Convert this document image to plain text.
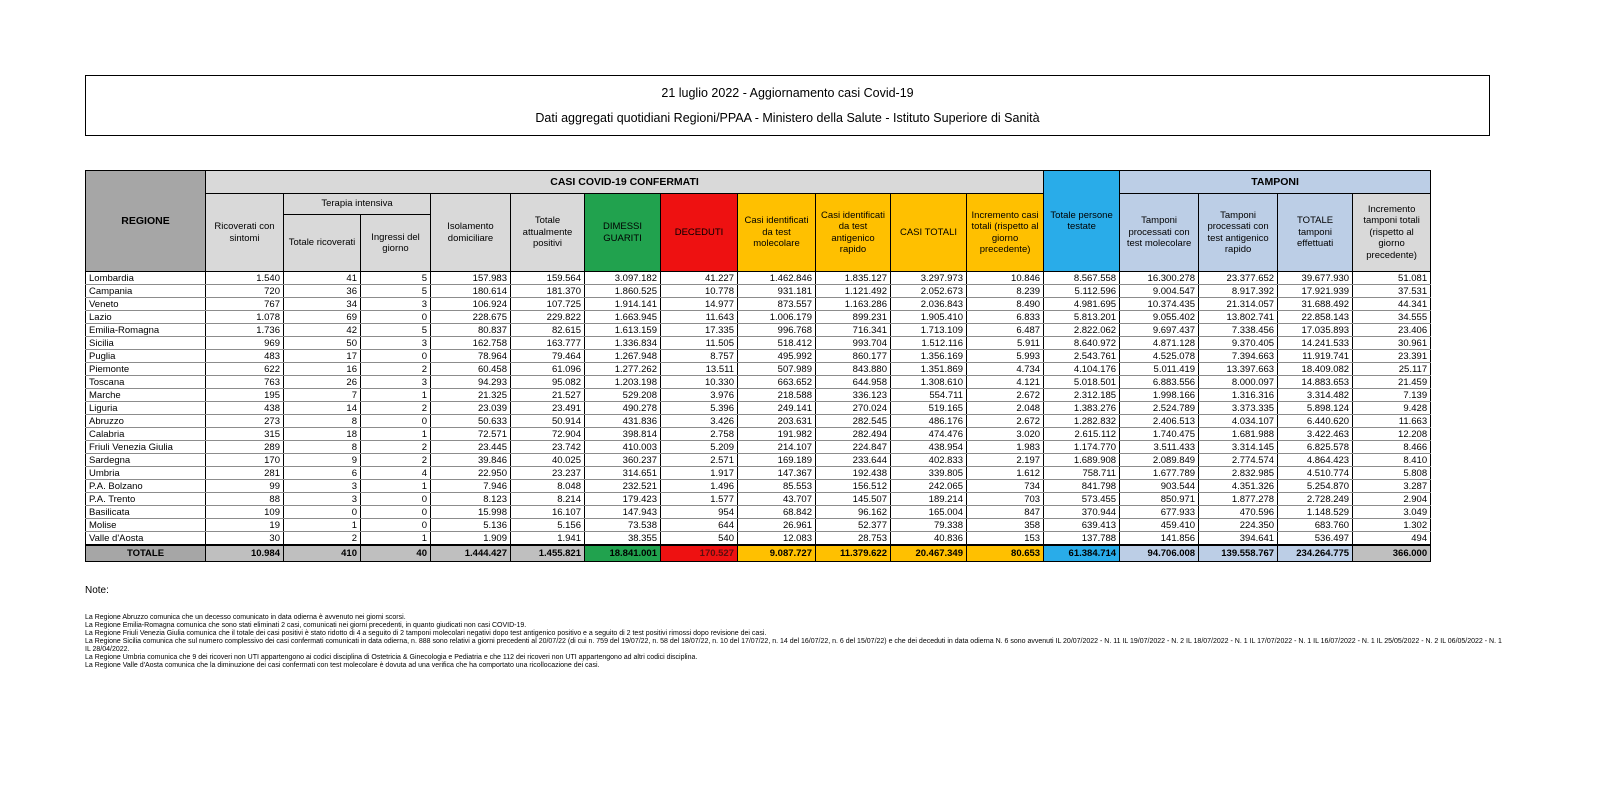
21 luglio 2022 - Aggiornamento casi Covid-19
Dati aggregati quotidiani Regioni/PPAA - Ministero della Salute - Istituto Superiore di Sanità
REGIONE	CASI COVID-19 CONFERMATI											Totale persone testate	TAMPONI			
	Ricoverati con sintomi	Terapia intensiva		Isolamento domiciliare	Totale attualmente positivi	DIMESSI GUARITI	DECEDUTI	Casi identificati da test molecolare	Casi identificati da test antigenico rapido	CASI TOTALI	Incremento casi totali (rispetto al giorno precedente)		Tamponi processati con test molecolare	Tamponi processati con test antigenico rapido	TOTALE tamponi effettuati	Incremento tamponi totali (rispetto al giorno precedente)
		Totale ricoverati	Ingressi del giorno													
Lombardia	1.540	41	5	157.983	159.564	3.097.182	41.227	1.462.846	1.835.127	3.297.973	10.846	8.567.558	16.300.278	23.377.652	39.677.930	51.081
Campania	720	36	5	180.614	181.370	1.860.525	10.778	931.181	1.121.492	2.052.673	8.239	5.112.596	9.004.547	8.917.392	17.921.939	37.531
Veneto	767	34	3	106.924	107.725	1.914.141	14.977	873.557	1.163.286	2.036.843	8.490	4.981.695	10.374.435	21.314.057	31.688.492	44.341
Lazio	1.078	69	0	228.675	229.822	1.663.945	11.643	1.006.179	899.231	1.905.410	6.833	5.813.201	9.055.402	13.802.741	22.858.143	34.555
Emilia-Romagna	1.736	42	5	80.837	82.615	1.613.159	17.335	996.768	716.341	1.713.109	6.487	2.822.062	9.697.437	7.338.456	17.035.893	23.406
Sicilia	969	50	3	162.758	163.777	1.336.834	11.505	518.412	993.704	1.512.116	5.911	8.640.972	4.871.128	9.370.405	14.241.533	30.961
Puglia	483	17	0	78.964	79.464	1.267.948	8.757	495.992	860.177	1.356.169	5.993	2.543.761	4.525.078	7.394.663	11.919.741	23.391
Piemonte	622	16	2	60.458	61.096	1.277.262	13.511	507.989	843.880	1.351.869	4.734	4.104.176	5.011.419	13.397.663	18.409.082	25.117
Toscana	763	26	3	94.293	95.082	1.203.198	10.330	663.652	644.958	1.308.610	4.121	5.018.501	6.883.556	8.000.097	14.883.653	21.459
Marche	195	7	1	21.325	21.527	529.208	3.976	218.588	336.123	554.711	2.672	2.312.185	1.998.166	1.316.316	3.314.482	7.139
Liguria	438	14	2	23.039	23.491	490.278	5.396	249.141	270.024	519.165	2.048	1.383.276	2.524.789	3.373.335	5.898.124	9.428
Abruzzo	273	8	0	50.633	50.914	431.836	3.426	203.631	282.545	486.176	2.672	1.282.832	2.406.513	4.034.107	6.440.620	11.663
Calabria	315	18	1	72.571	72.904	398.814	2.758	191.982	282.494	474.476	3.020	2.615.112	1.740.475	1.681.988	3.422.463	12.208
Friuli Venezia Giulia	289	8	2	23.445	23.742	410.003	5.209	214.107	224.847	438.954	1.983	1.174.770	3.511.433	3.314.145	6.825.578	8.466
Sardegna	170	9	2	39.846	40.025	360.237	2.571	169.189	233.644	402.833	2.197	1.689.908	2.089.849	2.774.574	4.864.423	8.410
Umbria	281	6	4	22.950	23.237	314.651	1.917	147.367	192.438	339.805	1.612	758.711	1.677.789	2.832.985	4.510.774	5.808
P.A. Bolzano	99	3	1	7.946	8.048	232.521	1.496	85.553	156.512	242.065	734	841.798	903.544	4.351.326	5.254.870	3.287
P.A. Trento	88	3	0	8.123	8.214	179.423	1.577	43.707	145.507	189.214	703	573.455	850.971	1.877.278	2.728.249	2.904
Basilicata	109	0	0	15.998	16.107	147.943	954	68.842	96.162	165.004	847	370.944	677.933	470.596	1.148.529	3.049
Molise	19	1	0	5.136	5.156	73.538	644	26.961	52.377	79.338	358	639.413	459.410	224.350	683.760	1.302
Valle d'Aosta	30	2	1	1.909	1.941	38.355	540	12.083	28.753	40.836	153	137.788	141.856	394.641	536.497	494
TOTALE	10.984	410	40	1.444.427	1.455.821	18.841.001	170.527	9.087.727	11.379.622	20.467.349	80.653	61.384.714	94.706.008	139.558.767	234.264.775	366.000
Note:
La Regione Abruzzo comunica che un decesso comunicato in data odierna è avvenuto nei giorni scorsi.
La Regione Emilia-Romagna comunica che sono stati eliminati 2 casi, comunicati nei giorni precedenti, in quanto giudicati non casi COVID-19.
La Regione Friuli Venezia Giulia comunica che il totale dei casi positivi è stato ridotto di 4 a seguito di 2 tamponi molecolari negativi dopo test antigenico positivo e a seguito di 2 test positivi rimossi dopo revisione dei casi.
La Regione Sicilia comunica che sul numero complessivo dei casi confermati comunicati in data odierna, n. 888 sono relativi a giorni precedenti al 20/07/22 (di cui n. 759 del 19/07/22, n. 58 del 18/07/22, n. 10 del 17/07/22, n. 14 del 16/07/22, n. 6 del 15/07/22) e che dei deceduti in data odierna N. 6 sono avvenuti IL 20/07/2022 - N. 11 IL 19/07/2022 - N. 2 IL 18/07/2022 - N. 1 IL 17/07/2022 - N. 1 IL 16/07/2022 - N. 1 IL 25/05/2022 - N. 2 IL 06/05/2022 - N. 1 IL 28/04/2022.
La Regione Umbria comunica che 9 dei ricoveri non UTI appartengono ai codici disciplina di Ostetricia & Ginecologia e Pediatria e che 112 dei ricoveri non UTI appartengono ad altri codici disciplina.
La Regione Valle d'Aosta comunica che la diminuzione dei casi confermati con test molecolare è dovuta ad una verifica che ha comportato una ricollocazione dei casi.
